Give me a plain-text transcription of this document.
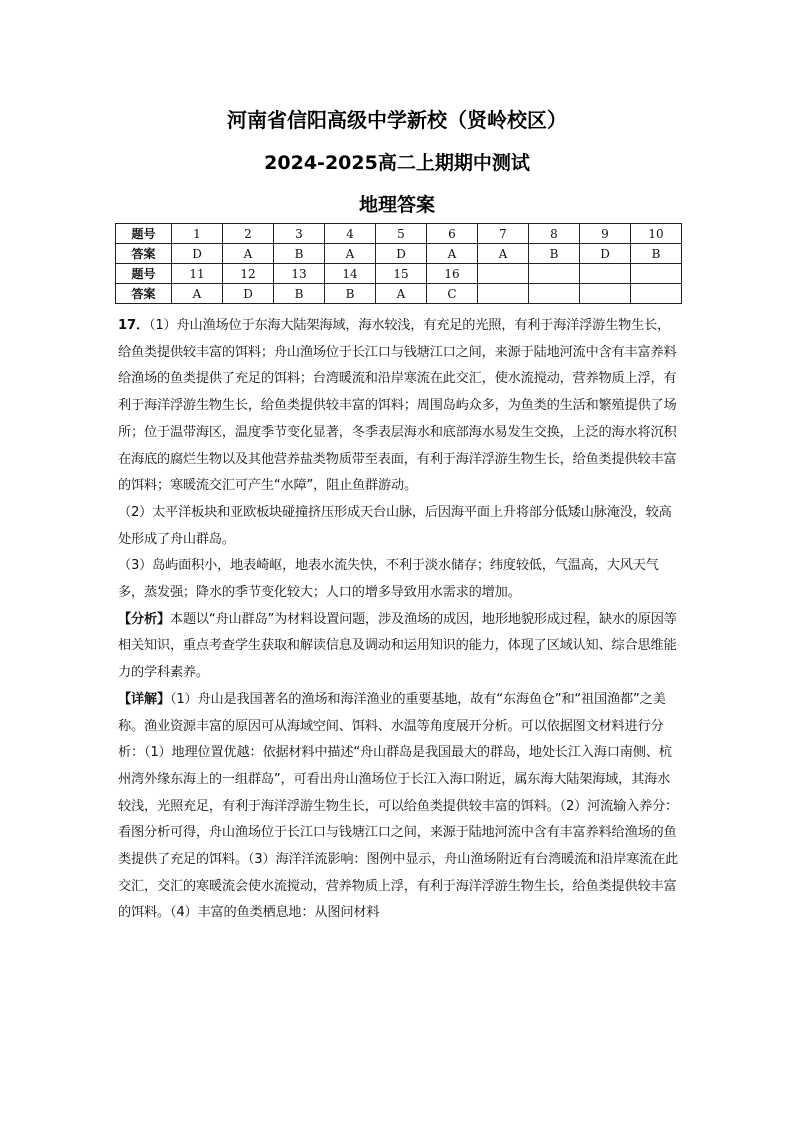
河南省信阳高级中学新校（贤岭校区）
2024-2025高二上期期中测试
地理答案
题号	1	2	3	4	5	6	7	8	9	10
答案	D	A	B	A	D	A	A	B	D	B
题号	11	12	13	14	15	16				
答案	A	D	B	B	A	C				

17．（1）舟山渔场位于东海大陆架海域，海水较浅，有充足的光照，有利于海洋浮游生物生长，给鱼类提供较丰富的饵料；舟山渔场位于长江口与钱塘江口之间，来源于陆地河流中含有丰富养料给渔场的鱼类提供了充足的饵料；台湾暖流和沿岸寒流在此交汇，使水流搅动，营养物质上浮，有利于海洋浮游生物生长，给鱼类提供较丰富的饵料；周围岛屿众多，为鱼类的生活和繁殖提供了场所；位于温带海区，温度季节变化显著，冬季表层海水和底部海水易发生交换，上泛的海水将沉积在海底的腐烂生物以及其他营养盐类物质带至表面，有利于海洋浮游生物生长，给鱼类提供较丰富的饵料；寒暖流交汇可产生“水障”，阻止鱼群游动。

（2）太平洋板块和亚欧板块碰撞挤压形成天台山脉，后因海平面上升将部分低矮山脉淹没，较高处形成了舟山群岛。

（3）岛屿面积小，地表崎岖，地表水流失快，不利于淡水储存；纬度较低，气温高，大风天气多，蒸发强；降水的季节变化较大；人口的增多导致用水需求的增加。

【分析】本题以“舟山群岛”为材料设置问题，涉及渔场的成因，地形地貌形成过程，缺水的原因等相关知识，重点考查学生获取和解读信息及调动和运用知识的能力，体现了区域认知、综合思维能力的学科素养。

【详解】（1）舟山是我国著名的渔场和海洋渔业的重要基地，故有“东海鱼仓”和“祖国渔都”之美称。渔业资源丰富的原因可从海域空间、饵料、水温等角度展开分析。可以依据图文材料进行分析：（1）地理位置优越：依据材料中描述“舟山群岛是我国最大的群岛，地处长江入海口南侧、杭州湾外缘东海上的一组群岛”，可看出舟山渔场位于长江入海口附近，属东海大陆架海域，其海水较浅，光照充足，有利于海洋浮游生物生长，可以给鱼类提供较丰富的饵料。（2）河流输入养分：看图分析可得，舟山渔场位于长江口与钱塘江口之间，来源于陆地河流中含有丰富养料给渔场的鱼类提供了充足的饵料。（3）海洋洋流影响：图例中显示，舟山渔场附近有台湾暖流和沿岸寒流在此交汇，交汇的寒暖流会使水流搅动，营养物质上浮，有利于海洋浮游生物生长，给鱼类提供较丰富的饵料。（4）丰富的鱼类栖息地：从图问材料
